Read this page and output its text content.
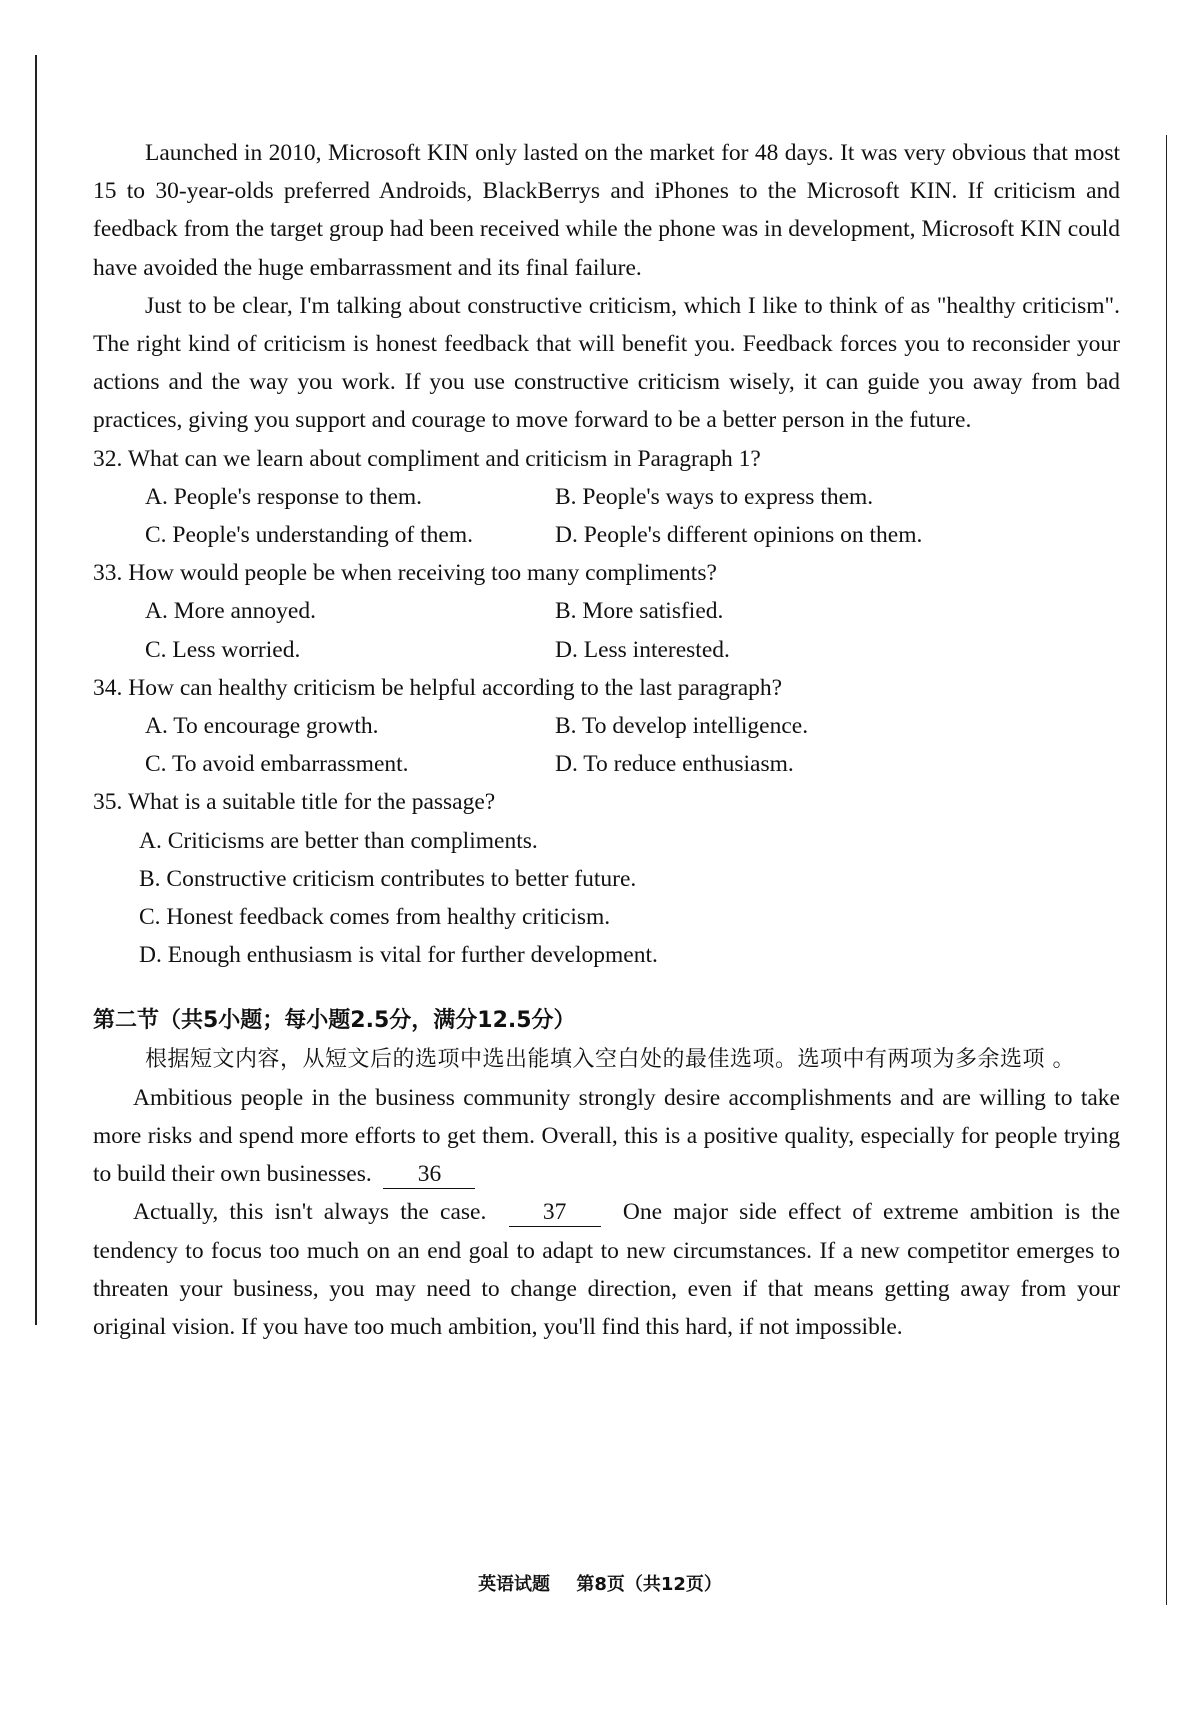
Launched in 2010, Microsoft KIN only lasted on the market for 48 days. It was very obvious that most 15 to 30-year-olds preferred Androids, BlackBerrys and iPhones to the Microsoft KIN. If criticism and feedback from the target group had been received while the phone was in development, Microsoft KIN could have avoided the huge embarrassment and its final failure.

Just to be clear, I'm talking about constructive criticism, which I like to think of as "healthy criticism". The right kind of criticism is honest feedback that will benefit you. Feedback forces you to reconsider your actions and the way you work. If you use constructive criticism wisely, it can guide you away from bad practices, giving you support and courage to move forward to be a better person in the future.

32. What can we learn about compliment and criticism in Paragraph 1?

A. People's response to them.	B. People's ways to express them.
C. People's understanding of them.	D. People's different opinions on them.

33. How would people be when receiving too many compliments?

A. More annoyed.	B. More satisfied.
C. Less worried.	D. Less interested.

34. How can healthy criticism be helpful according to the last paragraph?

A. To encourage growth.	B. To develop intelligence.
C. To avoid embarrassment.	D. To reduce enthusiasm.

35. What is a suitable title for the passage?

A. Criticisms are better than compliments.

B. Constructive criticism contributes to better future.

C. Honest feedback comes from healthy criticism.

D. Enough enthusiasm is vital for further development.

第二节（共5小题；每小题2.5分，满分12.5分）

根据短文内容，从短文后的选项中选出能填入空白处的最佳选项。选项中有两项为多余选项 。

Ambitious people in the business community strongly desire accomplishments and are willing to take more risks and spend more efforts to get them. Overall, this is a positive quality, especially for people trying to build their own businesses. 36

Actually, this isn't always the case. 37 One major side effect of extreme ambition is the tendency to focus too much on an end goal to adapt to new circumstances. If a new competitor emerges to threaten your business, you may need to change direction, even if that means getting away from your original vision. If you have too much ambition, you'll find this hard, if not impossible.

英语试题 第8页（共12页）
